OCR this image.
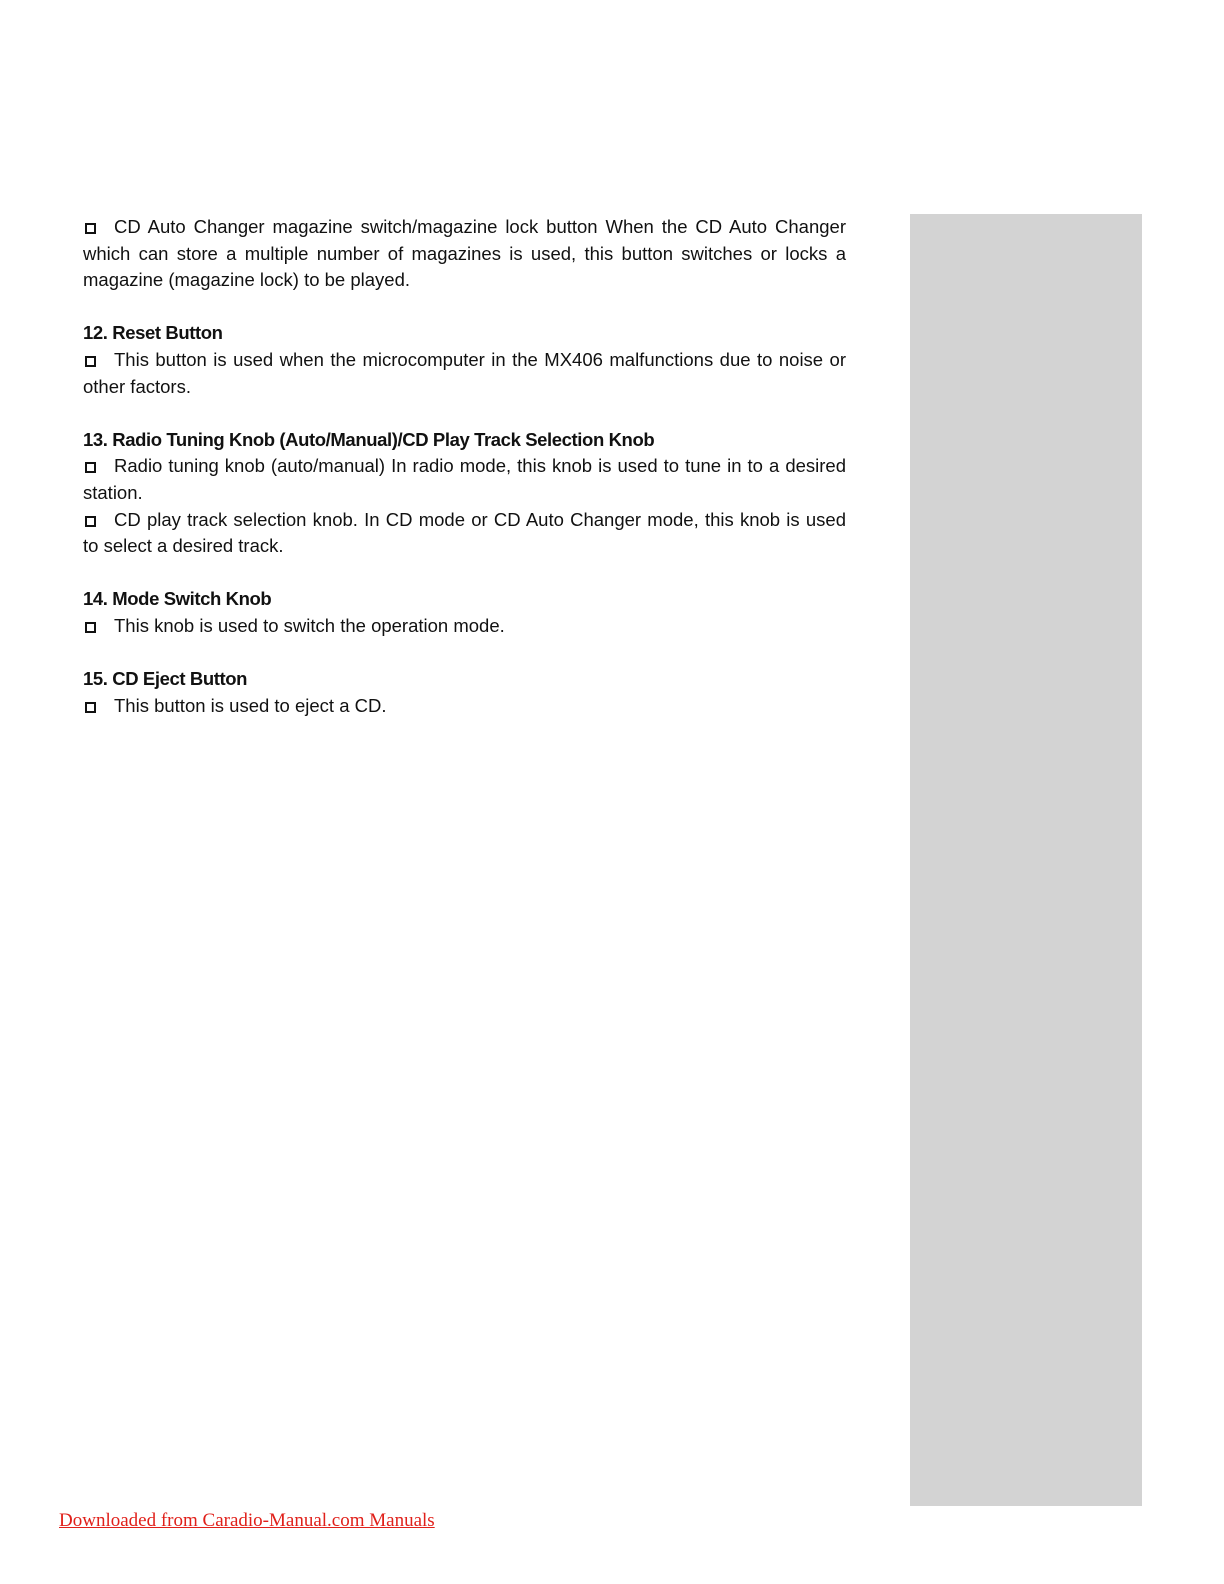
CD Auto Changer magazine switch/magazine lock button When the CD Auto Changer which can store a multiple number of magazines is used, this button switches or locks a magazine (magazine lock) to be played.

12. Reset Button

This button is used when the microcomputer in the MX406 malfunctions due to noise or other factors.

13. Radio Tuning Knob (Auto/Manual)/CD Play Track Selection Knob

Radio tuning knob (auto/manual) In radio mode, this knob is used to tune in to a desired station.

CD play track selection knob. In CD mode or CD Auto Changer mode, this knob is used to select a desired track.

14. Mode Switch Knob

This knob is used to switch the operation mode.

15. CD Eject Button

This button is used to eject a CD.

Downloaded from Caradio-Manual.com Manuals
